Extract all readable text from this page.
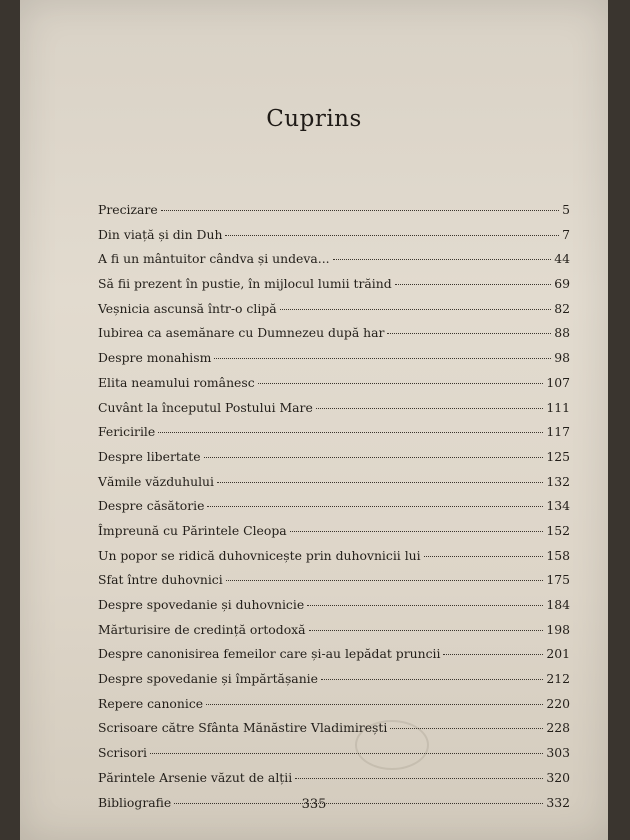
Cuprins
Precizare	5
Din viață și din Duh	7
A fi un mântuitor cândva și undeva...	44
Să fii prezent în pustie, în mijlocul lumii trăind	69
Veșnicia ascunsă într-o clipă	82
Iubirea ca asemănare cu Dumnezeu după har	88
Despre monahism	98
Elita neamului românesc	107
Cuvânt la începutul Postului Mare	111
Fericirile	117
Despre libertate	125
Vămile văzduhului	132
Despre căsătorie	134
Împreună cu Părintele Cleopa	152
Un popor se ridică duhovnicește prin duhovnicii lui	158
Sfat între duhovnici	175
Despre spovedanie și duhovnicie	184
Mărturisire de credință ortodoxă	198
Despre canonisirea femeilor care și-au lepădat pruncii	201
Despre spovedanie și împărtășanie	212
Repere canonice	220
Scrisoare către Sfânta Mănăstire Vladimirești	228
Scrisori	303
Părintele Arsenie văzut de alții	320
Bibliografie	332
335
